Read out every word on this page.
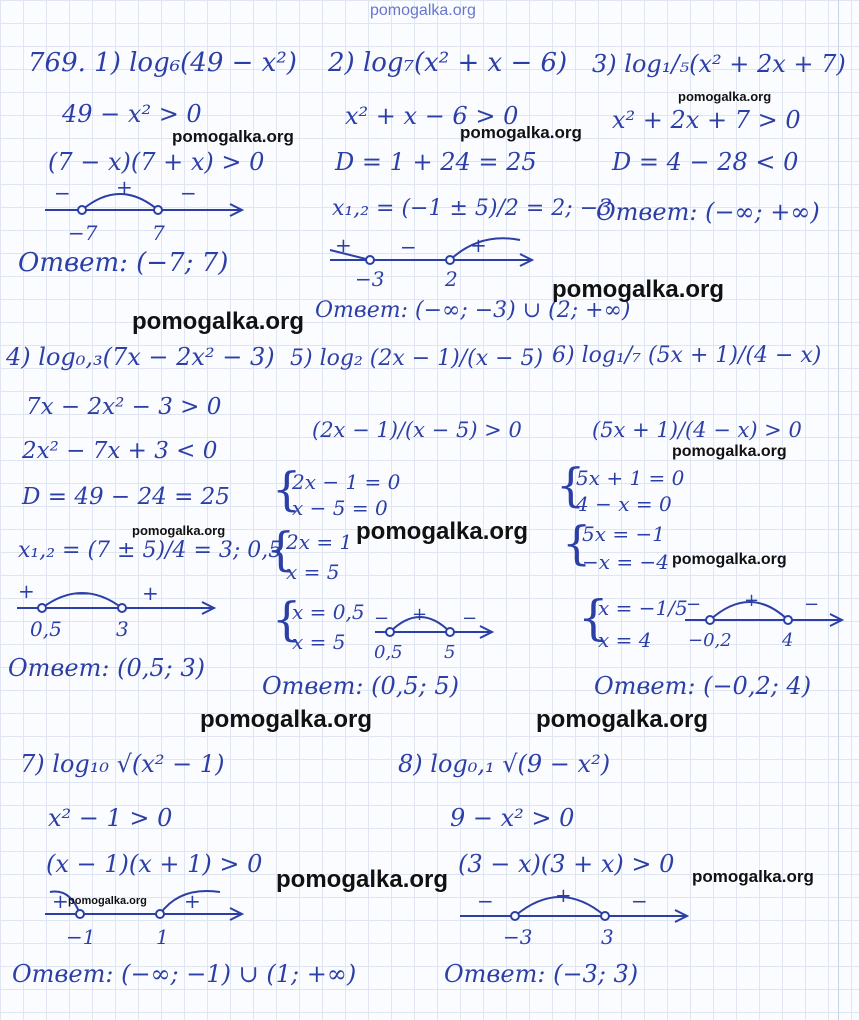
pomogalka.org
769. 1) log₆(49 − x²)
49 − x² > 0
(7 − x)(7 + x) > 0
− + −
−7	7
Ответ: (−7; 7)
2) log₇(x² + x − 6)
x² + x − 6 > 0
D = 1 + 24 = 25
x₁,₂ = (−1 ± 5)/2 = 2; −3
+ −	+
−3	2
Ответ: (−∞; −3) ∪ (2; +∞)
3) log₁/₅(x² + 2x + 7)
x² + 2x + 7 > 0
D = 4 − 28 < 0
Ответ: (−∞; +∞)
4) log₀,₃(7x − 2x² − 3)
7x − 2x² − 3 > 0
2x² − 7x + 3 < 0
D = 49 − 24 = 25
x₁,₂ = (7 ± 5)/4 = 3; 0,5
+ −	+
0,5	3
Ответ: (0,5; 3)
5) log₂ (2x − 1)/(x − 5)
(2x − 1)/(x − 5) > 0
{
2x − 1 = 0
x − 5 = 0
{
2x = 1
x = 5
{
x = 0,5
x = 5
− + −
0,5 5
Ответ: (0,5; 5)
6) log₁/₇ (5x + 1)/(4 − x)
(5x + 1)/(4 − x) > 0
{
5x + 1 = 0
4 − x = 0
{
5x = −1
−x = −4
{
x = −1/5
x = 4
− + −
−0,2	4
Ответ: (−0,2; 4)
7) log₁₀ √(x² − 1)
x² − 1 > 0
(x − 1)(x + 1) > 0
+	+
−1	1
Ответ: (−∞; −1) ∪ (1; +∞)
8) log₀,₁ √(9 − x²)
9 − x² > 0
(3 − x)(3 + x) > 0
−	+	−
−3	3
Ответ: (−3; 3)
pomogalka.org
pomogalka.org	pomogalka.org
pomogalka.org
pomogalka.org
pomogalka.org
pomogalka.org	pomogalka.org
pomogalka.org
pomogalka.org	pomogalka.org
pomogalka.org	pomogalka.org
pomogalka.org
